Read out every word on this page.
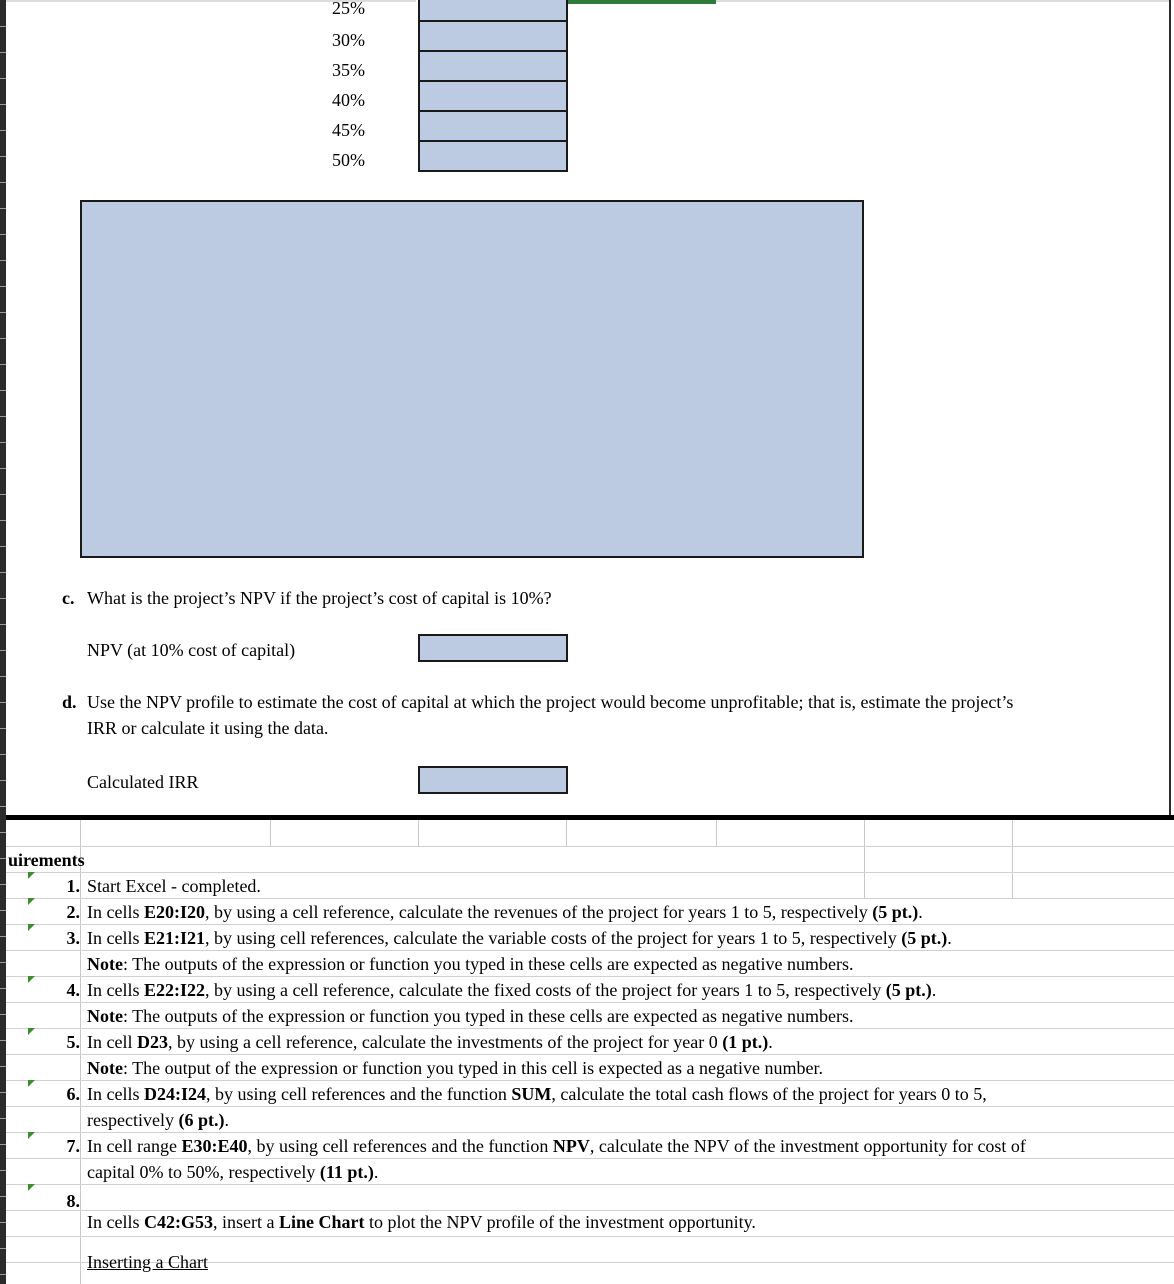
25%
30%
35%
40%
45%
50%
c. What is the project’s NPV if the project’s cost of capital is 10%?
NPV (at 10% cost of capital)
d. Use the NPV profile to estimate the cost of capital at which the project would become unprofitable; that is, estimate the project’s
IRR or calculate it using the data.
Calculated IRR
uirements
1. Start Excel - completed.
2. In cells E20:I20, by using a cell reference, calculate the revenues of the project for years 1 to 5, respectively (5 pt.).
3. In cells E21:I21, by using cell references, calculate the variable costs of the project for years 1 to 5, respectively (5 pt.).
Note: The outputs of the expression or function you typed in these cells are expected as negative numbers.
4. In cells E22:I22, by using a cell reference, calculate the fixed costs of the project for years 1 to 5, respectively (5 pt.).
Note: The outputs of the expression or function you typed in these cells are expected as negative numbers.
5. In cell D23, by using a cell reference, calculate the investments of the project for year 0 (1 pt.).
Note: The output of the expression or function you typed in this cell is expected as a negative number.
6. In cells D24:I24, by using cell references and the function SUM, calculate the total cash flows of the project for years 0 to 5,
respectively (6 pt.).
7. In cell range E30:E40, by using cell references and the function NPV, calculate the NPV of the investment opportunity for cost of
capital 0% to 50%, respectively (11 pt.).
8.
In cells C42:G53, insert a Line Chart to plot the NPV profile of the investment opportunity.
Inserting a Chart
